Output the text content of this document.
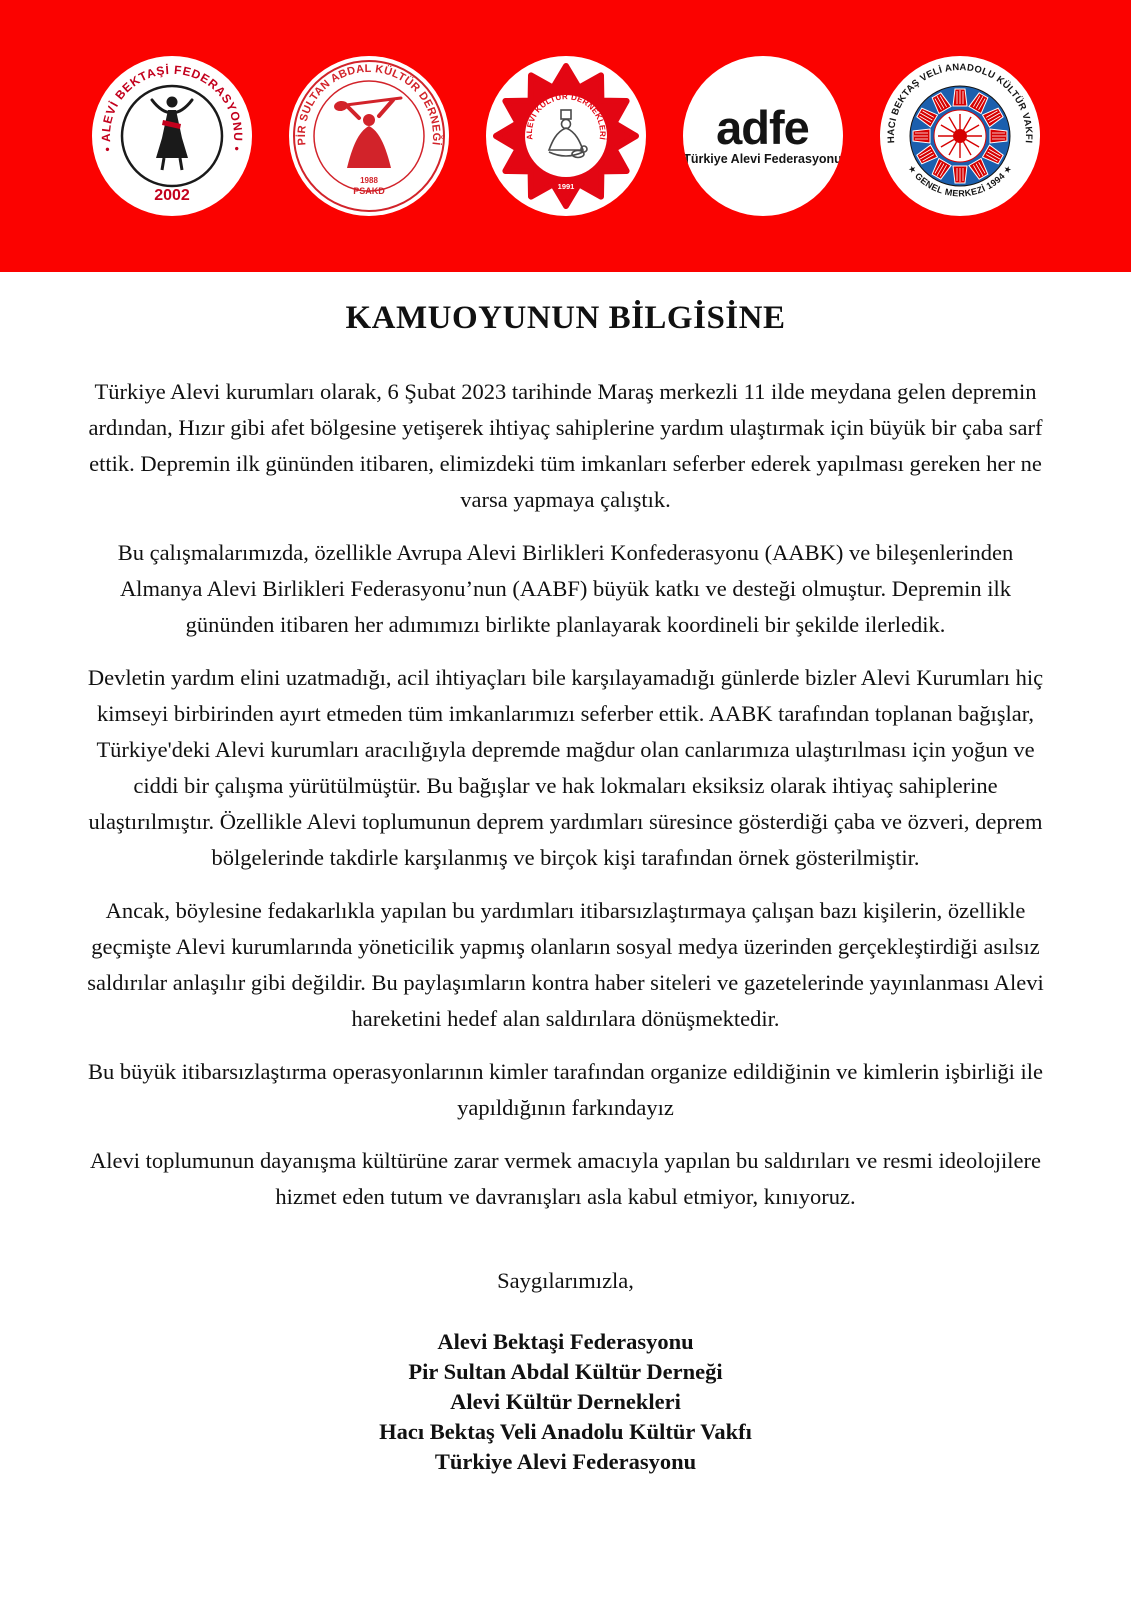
• ALEVİ BEKTAŞİ FEDERASYONU •
2002
PİR SULTAN ABDAL KÜLTÜR DERNEĞİ
1988
PSAKD
ALEVİ KÜLTÜR DERNEKLERİ
1991
adfe
Türkiye Alevi Federasyonu
HACI BEKTAŞ VELİ ANADOLU KÜLTÜR VAKFI
★ GENEL MERKEZİ 1994 ★
KAMUOYUNUN BİLGİSİNE

Türkiye Alevi kurumları olarak, 6 Şubat 2023 tarihinde Maraş merkezli 11 ilde meydana gelen depremin ardından, Hızır gibi afet bölgesine yetişerek ihtiyaç sahiplerine yardım ulaştırmak için büyük bir çaba sarf ettik. Depremin ilk gününden itibaren, elimizdeki tüm imkanları seferber ederek yapılması gereken her ne varsa yapmaya çalıştık.

Bu çalışmalarımızda, özellikle Avrupa Alevi Birlikleri Konfederasyonu (AABK) ve bileşenlerinden Almanya Alevi Birlikleri Federasyonu’nun (AABF) büyük katkı ve desteği olmuştur. Depremin ilk gününden itibaren her adımımızı birlikte planlayarak koordineli bir şekilde ilerledik.

Devletin yardım elini uzatmadığı, acil ihtiyaçları bile karşılayamadığı günlerde bizler Alevi Kurumları hiç kimseyi birbirinden ayırt etmeden tüm imkanlarımızı seferber ettik. AABK tarafından toplanan bağışlar, Türkiye'deki Alevi kurumları aracılığıyla depremde mağdur olan canlarımıza ulaştırılması için yoğun ve ciddi bir çalışma yürütülmüştür. Bu bağışlar ve hak lokmaları eksiksiz olarak ihtiyaç sahiplerine ulaştırılmıştır. Özellikle Alevi toplumunun deprem yardımları süresince gösterdiği çaba ve özveri, deprem bölgelerinde takdirle karşılanmış ve birçok kişi tarafından örnek gösterilmiştir.

Ancak, böylesine fedakarlıkla yapılan bu yardımları itibarsızlaştırmaya çalışan bazı kişilerin, özellikle geçmişte Alevi kurumlarında yöneticilik yapmış olanların sosyal medya üzerinden gerçekleştirdiği asılsız saldırılar anlaşılır gibi değildir. Bu paylaşımların kontra haber siteleri ve gazetelerinde yayınlanması Alevi hareketini hedef alan saldırılara dönüşmektedir.

Bu büyük itibarsızlaştırma operasyonlarının kimler tarafından organize edildiğinin ve kimlerin işbirliği ile yapıldığının farkındayız

Alevi toplumunun dayanışma kültürüne zarar vermek amacıyla yapılan bu saldırıları ve resmi ideolojilere hizmet eden tutum ve davranışları asla kabul etmiyor, kınıyoruz.

Saygılarımızla,

Alevi Bektaşi Federasyonu
Pir Sultan Abdal Kültür Derneği
Alevi Kültür Dernekleri
Hacı Bektaş Veli Anadolu Kültür Vakfı
Türkiye Alevi Federasyonu
